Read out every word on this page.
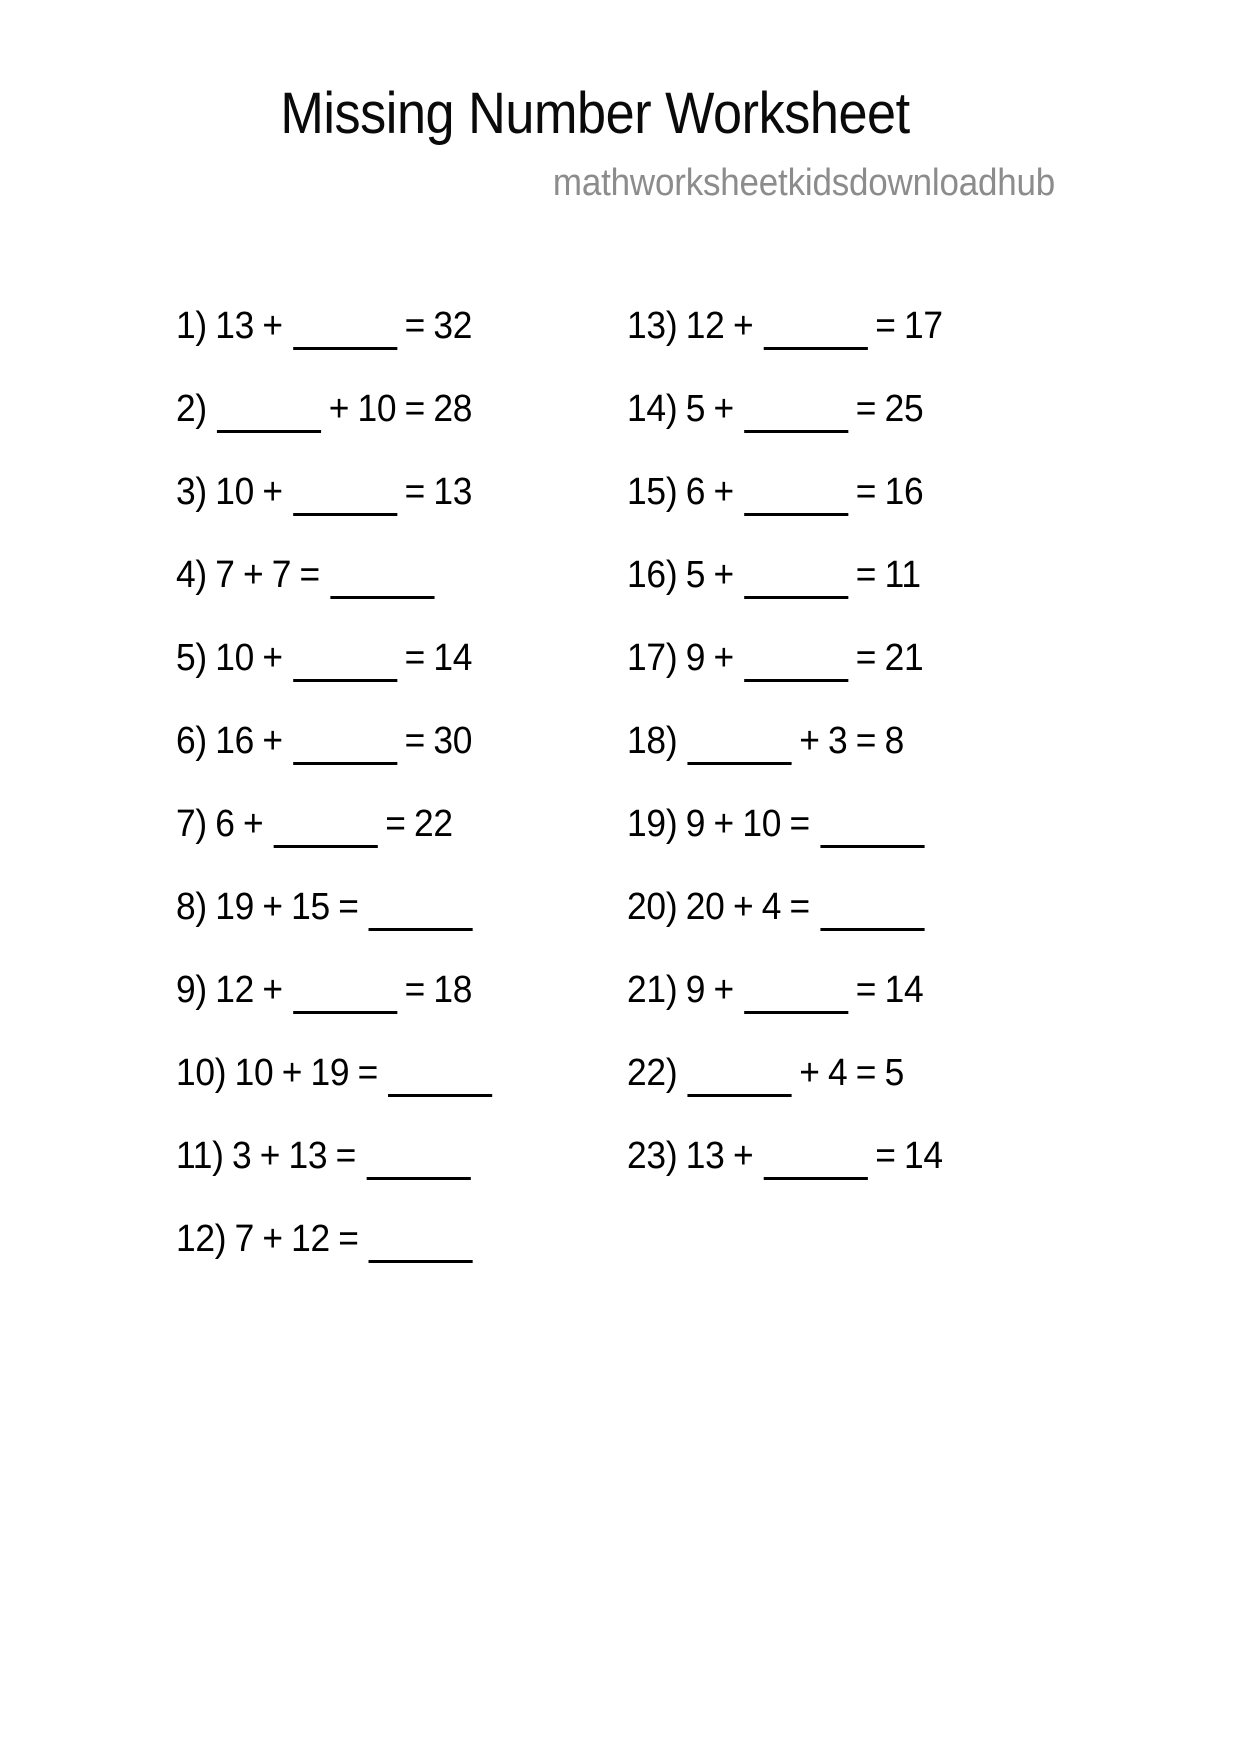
Missing Number Worksheet
mathworksheetkidsdownloadhub
1) 13 +	= 32
2)	+ 10 = 28
3) 10 +	= 13
4) 7 + 7 =
5) 10 +	= 14
6) 16 +	= 30
7) 6 +	= 22
8) 19 + 15 =
9) 12 +	= 18
10) 10 + 19 =
11) 3 + 13 =
12) 7 + 12 =
13) 12 +	= 17
14) 5 +	= 25
15) 6 +	= 16
16) 5 +	= 11
17) 9 +	= 21
18)	+ 3 = 8
19) 9 + 10 =
20) 20 + 4 =
21) 9 +	= 14
22)	+ 4 = 5
23) 13 +	= 14
